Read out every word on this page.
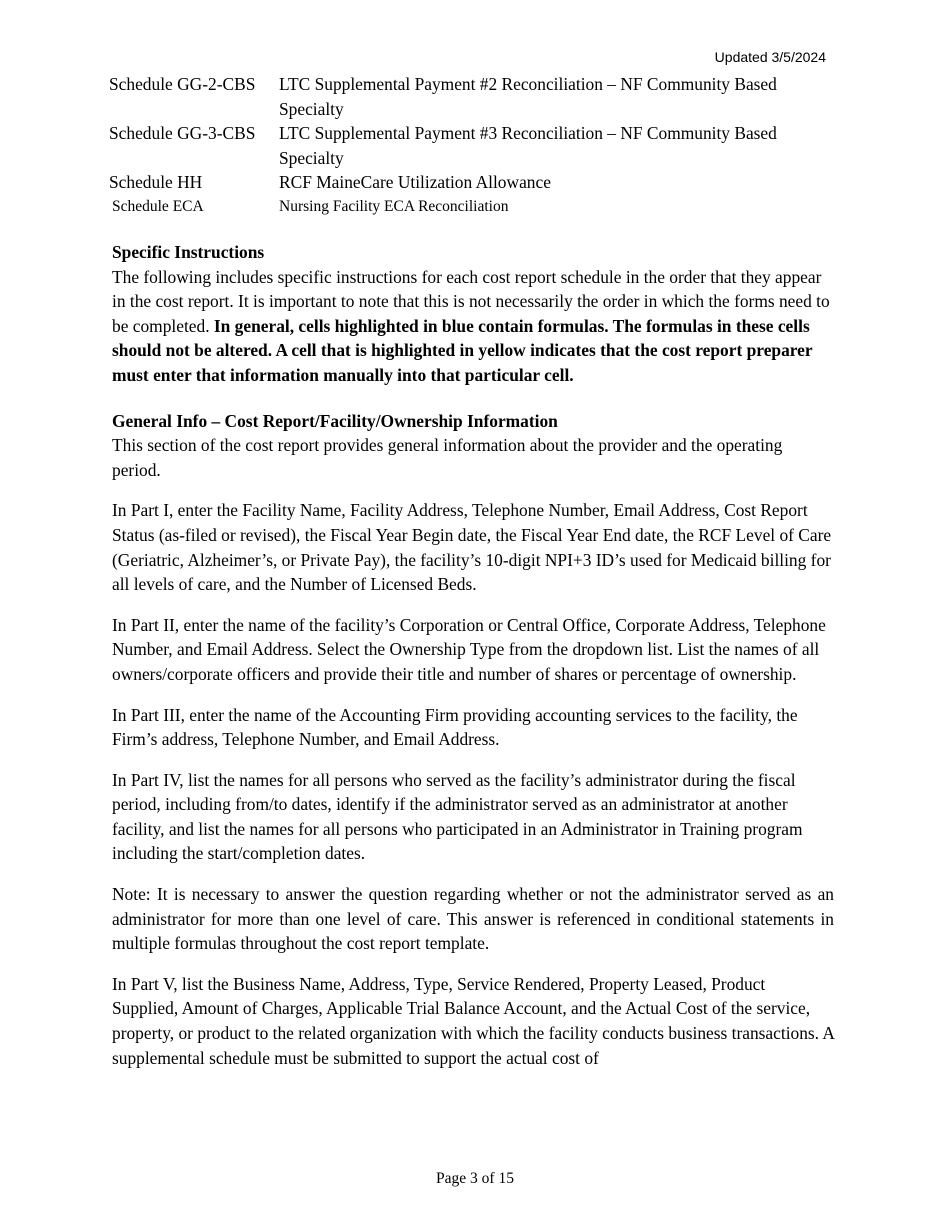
Updated 3/5/2024
Schedule GG-2-CBS	LTC Supplemental Payment #2 Reconciliation – NF Community Based Specialty
Schedule GG-3-CBS	LTC Supplemental Payment #3 Reconciliation – NF Community Based Specialty
Schedule HH	RCF MaineCare Utilization Allowance
Schedule ECA	Nursing Facility ECA Reconciliation

Specific Instructions

The following includes specific instructions for each cost report schedule in the order that they appear in the cost report. It is important to note that this is not necessarily the order in which the forms need to be completed. In general, cells highlighted in blue contain formulas. The formulas in these cells should not be altered. A cell that is highlighted in yellow indicates that the cost report preparer must enter that information manually into that particular cell.

General Info – Cost Report/Facility/Ownership Information

This section of the cost report provides general information about the provider and the operating period.

In Part I, enter the Facility Name, Facility Address, Telephone Number, Email Address, Cost Report Status (as-filed or revised), the Fiscal Year Begin date, the Fiscal Year End date, the RCF Level of Care (Geriatric, Alzheimer’s, or Private Pay), the facility’s 10-digit NPI+3 ID’s used for Medicaid billing for all levels of care, and the Number of Licensed Beds.

In Part II, enter the name of the facility’s Corporation or Central Office, Corporate Address, Telephone Number, and Email Address. Select the Ownership Type from the dropdown list. List the names of all owners/corporate officers and provide their title and number of shares or percentage of ownership.

In Part III, enter the name of the Accounting Firm providing accounting services to the facility, the Firm’s address, Telephone Number, and Email Address.

In Part IV, list the names for all persons who served as the facility’s administrator during the fiscal period, including from/to dates, identify if the administrator served as an administrator at another facility, and list the names for all persons who participated in an Administrator in Training program including the start/completion dates.

Note: It is necessary to answer the question regarding whether or not the administrator served as an administrator for more than one level of care. This answer is referenced in conditional statements in multiple formulas throughout the cost report template.

In Part V, list the Business Name, Address, Type, Service Rendered, Property Leased, Product Supplied, Amount of Charges, Applicable Trial Balance Account, and the Actual Cost of the service, property, or product to the related organization with which the facility conducts business transactions. A supplemental schedule must be submitted to support the actual cost of

Page 3 of 15
